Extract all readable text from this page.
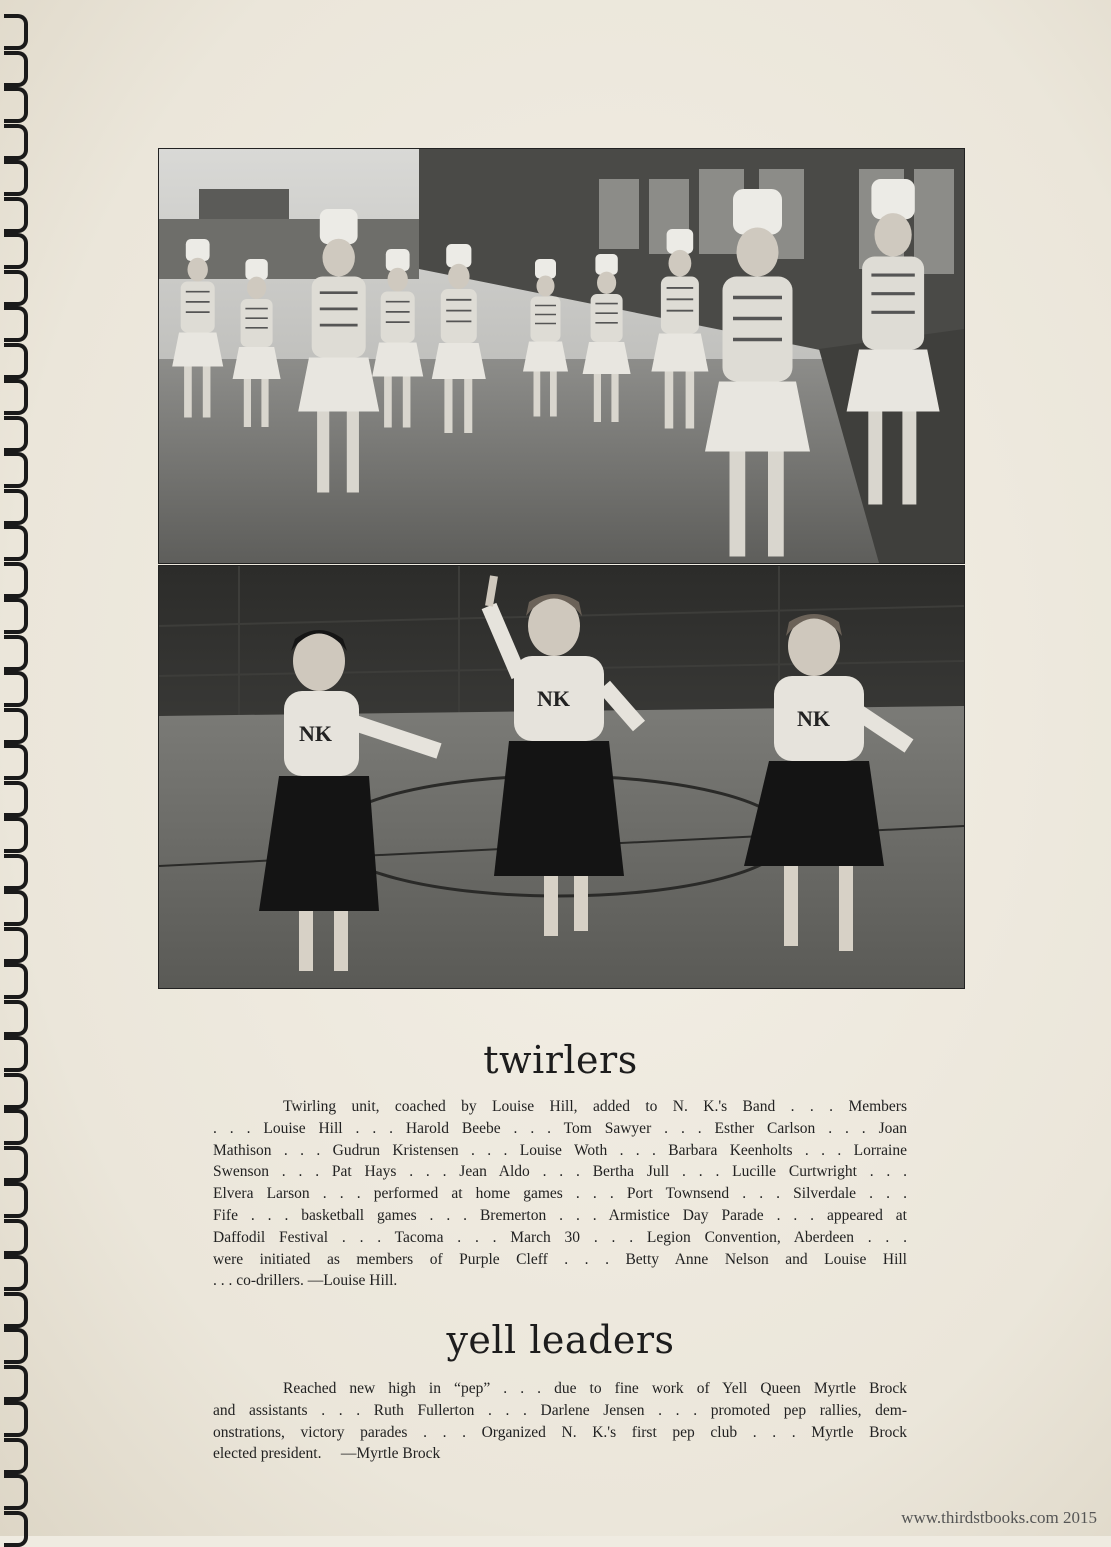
NK
NK
NK
twirlers
Twirling unit, coached by Louise Hill, added to N. K.'s Band . . . Members
. . . Louise Hill . . . Harold Beebe . . . Tom Sawyer . . . Esther Carlson . . . Joan
Mathison . . . Gudrun Kristensen . . . Louise Woth . . . Barbara Keenholts . . . Lorraine
Swenson . . . Pat Hays . . . Jean Aldo . . . Bertha Jull . . . Lucille Curtwright . . .
Elvera Larson . . . performed at home games . . . Port Townsend . . . Silverdale . . .
Fife . . . basketball games . . . Bremerton . . . Armistice Day Parade . . . appeared at
Daffodil Festival . . . Tacoma . . . March 30 . . . Legion Convention, Aberdeen . . .
were initiated as members of Purple Cleff . . . Betty Anne Nelson and Louise Hill
. . . co-drillers. —Louise Hill.
yell leaders
Reached new high in “pep” . . . due to fine work of Yell Queen Myrtle Brock
and assistants . . . Ruth Fullerton . . . Darlene Jensen . . . promoted pep rallies, dem-
onstrations, victory parades . . . Organized N. K.'s first pep club . . . Myrtle Brock
elected president.     —Myrtle Brock
www.thirdstbooks.com 2015
